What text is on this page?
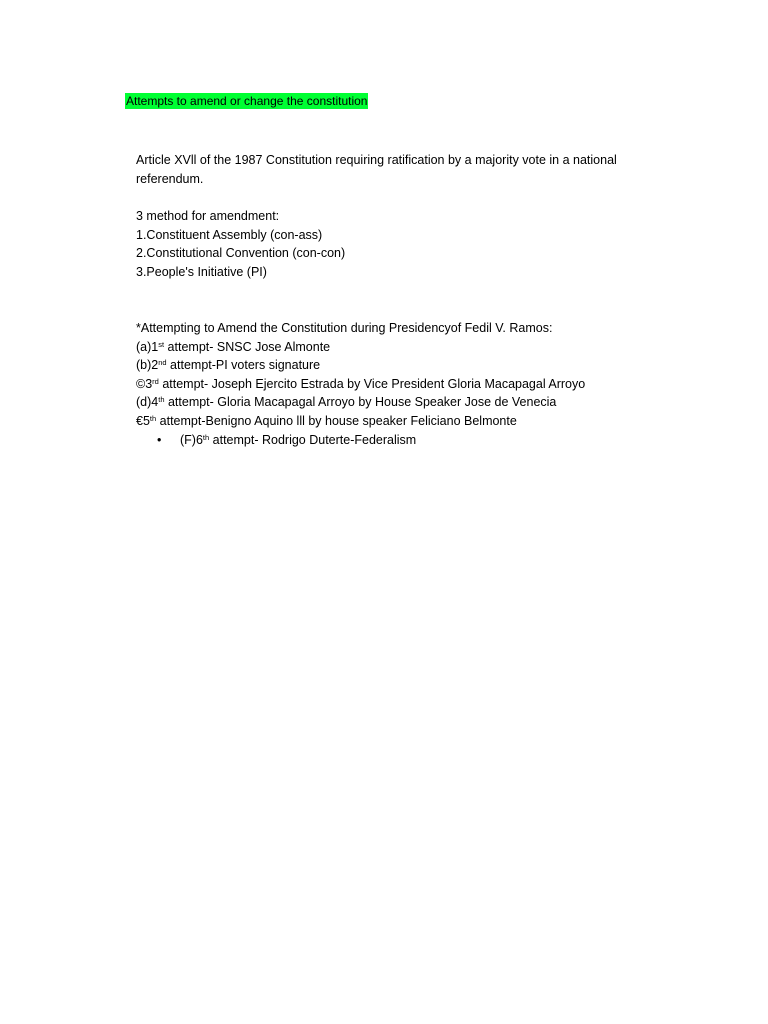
Attempts to amend or change the constitution
Article XVll of the 1987 Constitution requiring ratification by a majority vote in a national referendum.
3 method for amendment:
1.Constituent Assembly (con-ass)
2.Constitutional Convention (con-con)
3.People's Initiative (PI)
*Attempting to Amend the Constitution during Presidencyof Fedil V. Ramos:
(a)1st attempt- SNSC Jose Almonte
(b)2nd attempt-PI voters signature
©3rd attempt- Joseph Ejercito Estrada by Vice President Gloria Macapagal Arroyo
(d)4th attempt- Gloria Macapagal Arroyo by House Speaker Jose de Venecia
€5th attempt-Benigno Aquino lll by house speaker Feliciano Belmonte
• (F)6th attempt- Rodrigo Duterte-Federalism
